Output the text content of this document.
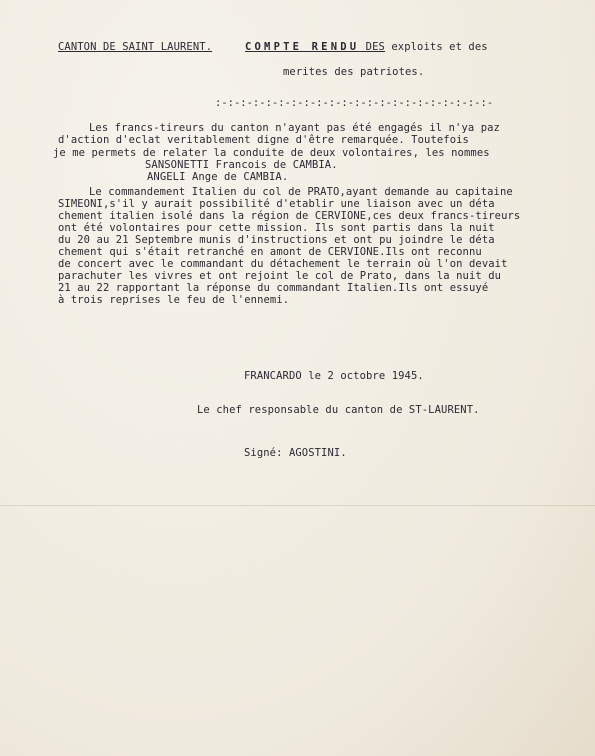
CANTON DE SAINT LAURENT.	COMPTE RENDU DES exploits et des
merites des patriotes.
:-:-:-:-:-:-:-:-:-:-:-:-:-:-:-:-:-:-:-:-:-:-
Les francs-tireurs du canton n'ayant pas été engagés il n'ya paz
d'action d'eclat veritablement digne d'être remarquée. Toutefois
je me permets de relater la conduite de deux volontaires, les nommes
SANSONETTI Francois de CAMBIA.
ANGELI Ange de CAMBIA.
Le commandement Italien du col de PRATO,ayant demande au capitaine
SIMEONI,s'il y aurait possibilité d'etablir une liaison avec un déta
chement italien isolé dans la région de CERVIONE,ces deux francs-tireurs
ont été volontaires pour cette mission. Ils sont partis dans la nuit
du 20 au 21 Septembre munis d'instructions et ont pu joindre le déta
chement qui s'était retranché en amont de CERVIONE.Ils ont reconnu
de concert avec le commandant du détachement le terrain où l'on devait
parachuter les vivres et ont rejoint le col de Prato, dans la nuit du
21 au 22 rapportant la réponse du commandant Italien.Ils ont essuyé
à trois reprises le feu de l'ennemi.
FRANCARDO le 2 octobre 1945.
Le chef responsable du canton de ST-LAURENT.
Signé: AGOSTINI.
